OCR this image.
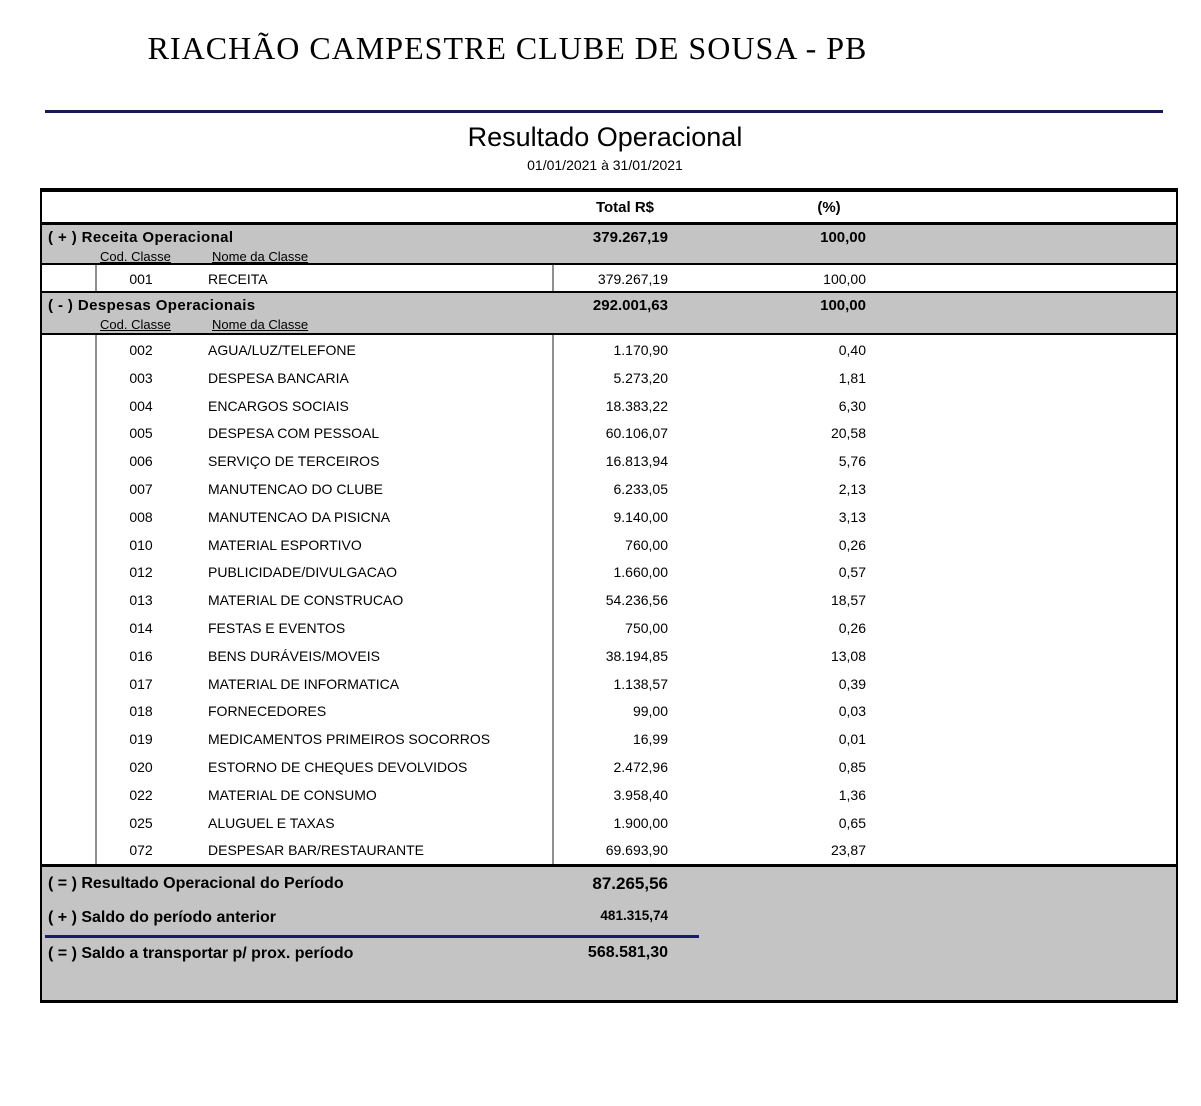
RIACHÃO CAMPESTRE CLUBE DE SOUSA - PB
Resultado Operacional
01/01/2021 à 31/01/2021
Total R$	(%)
( + ) Receita Operacional	379.267,19	100,00
Cod. Classe	Nome da Classe
001	RECEITA	379.267,19	100,00
( - ) Despesas Operacionais	292.001,63	100,00
Cod. Classe	Nome da Classe
002	AGUA/LUZ/TELEFONE	1.170,90	0,40
003	DESPESA BANCARIA	5.273,20	1,81
004	ENCARGOS SOCIAIS	18.383,22	6,30
005	DESPESA COM PESSOAL	60.106,07	20,58
006	SERVIÇO DE TERCEIROS	16.813,94	5,76
007	MANUTENCAO DO CLUBE	6.233,05	2,13
008	MANUTENCAO DA PISICNA	9.140,00	3,13
010	MATERIAL ESPORTIVO	760,00	0,26
012	PUBLICIDADE/DIVULGACAO	1.660,00	0,57
013	MATERIAL DE CONSTRUCAO	54.236,56	18,57
014	FESTAS E EVENTOS	750,00	0,26
016	BENS DURÁVEIS/MOVEIS	38.194,85	13,08
017	MATERIAL DE INFORMATICA	1.138,57	0,39
018	FORNECEDORES	99,00	0,03
019	MEDICAMENTOS PRIMEIROS SOCORROS	16,99	0,01
020	ESTORNO DE CHEQUES DEVOLVIDOS	2.472,96	0,85
022	MATERIAL DE CONSUMO	3.958,40	1,36
025	ALUGUEL E TAXAS	1.900,00	0,65
072	DESPESAR BAR/RESTAURANTE	69.693,90	23,87
( = ) Resultado Operacional do Período	87.265,56
( + ) Saldo do período anterior	481.315,74
( = ) Saldo a transportar p/ prox. período	568.581,30
